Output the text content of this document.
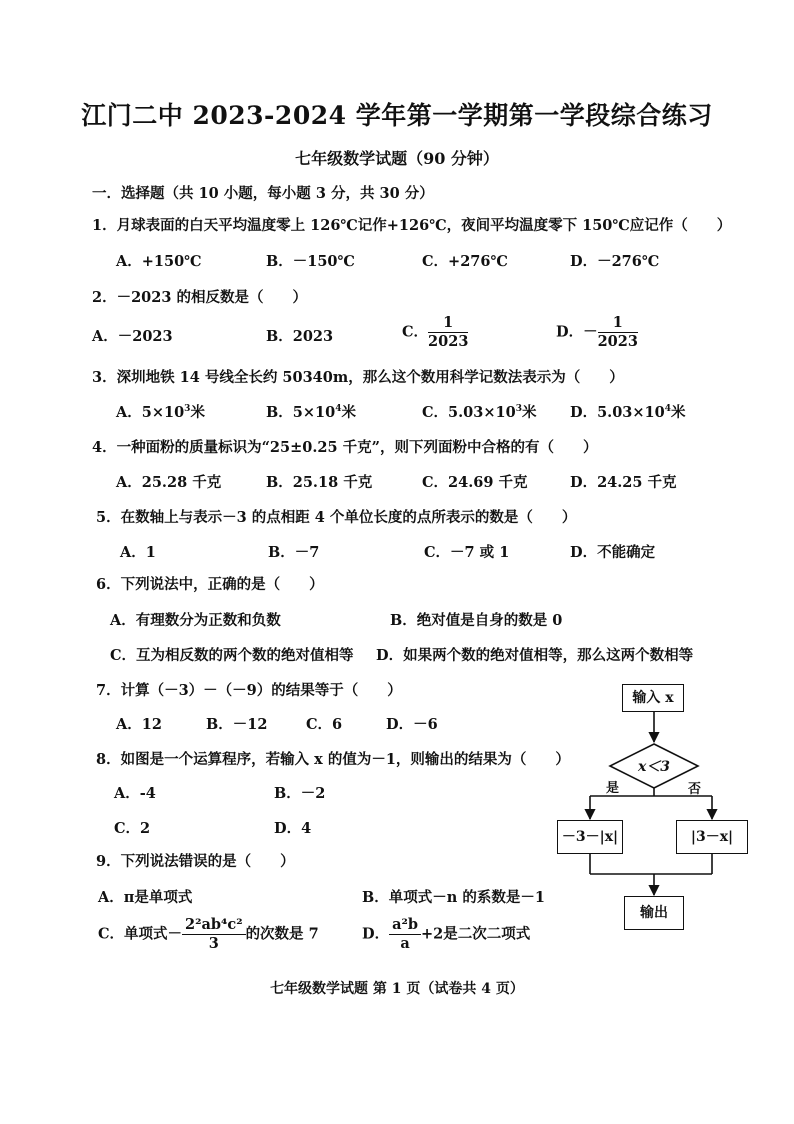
江门二中 2023-2024 学年第一学期第一学段综合练习
七年级数学试题（90 分钟）
一．选择题（共 10 小题，每小题 3 分，共 30 分）
1．月球表面的白天平均温度零上 126℃记作+126℃，夜间平均温度零下 150℃应记作（　　）
A．+150℃	B．－150℃	C．+276℃	D．－276℃
2．－2023 的相反数是（　　）
A．－2023	B．2023	C． $\frac{1}{2023}$	D．－ $\frac{1}{2023}$
3．深圳地铁 14 号线全长约 50340m，那么这个数用科学记数法表示为（　　）
A．$5\times 10^3$米	B．$5\times 10^4$米	C．$5.03\times 10^3$米 D．$5.03\times 10^4$米
4．一种面粉的质量标识为“25±0.25 千克”，则下列面粉中合格的有（　　）
A．25.28 千克	B．25.18 千克	C．24.69 千克	D．24.25 千克
5．在数轴上与表示－3 的点相距 4 个单位长度的点所表示的数是（　　）
A．1	B．－7	C．－7 或 1	D．不能确定
6．下列说法中，正确的是（　　）
A．有理数分为正数和负数	B．绝对值是自身的数是 0
C．互为相反数的两个数的绝对值相等 D．如果两个数的绝对值相等，那么这两个数相等
7．计算（－3）－（－9）的结果等于（　　）
A．12	B．－12	C．6	D．－6
8．如图是一个运算程序，若输入 x 的值为－1，则输出的结果为（　　）
A．-4	B．－2
C．2	D．4
9．下列说法错误的是（　　）
A．π是单项式	B．单项式－n 的系数是－1
C．单项式－ $\frac{\text{2²ab⁴c²}}{3}$ 的次数是 7	D． $\frac{\text{a²b}}{a} +2$是二次二项式
输入 x
x＜3
是	否
－3－|x|	|3－x|
输出
七年级数学试题 第 1 页（试卷共 4 页）
